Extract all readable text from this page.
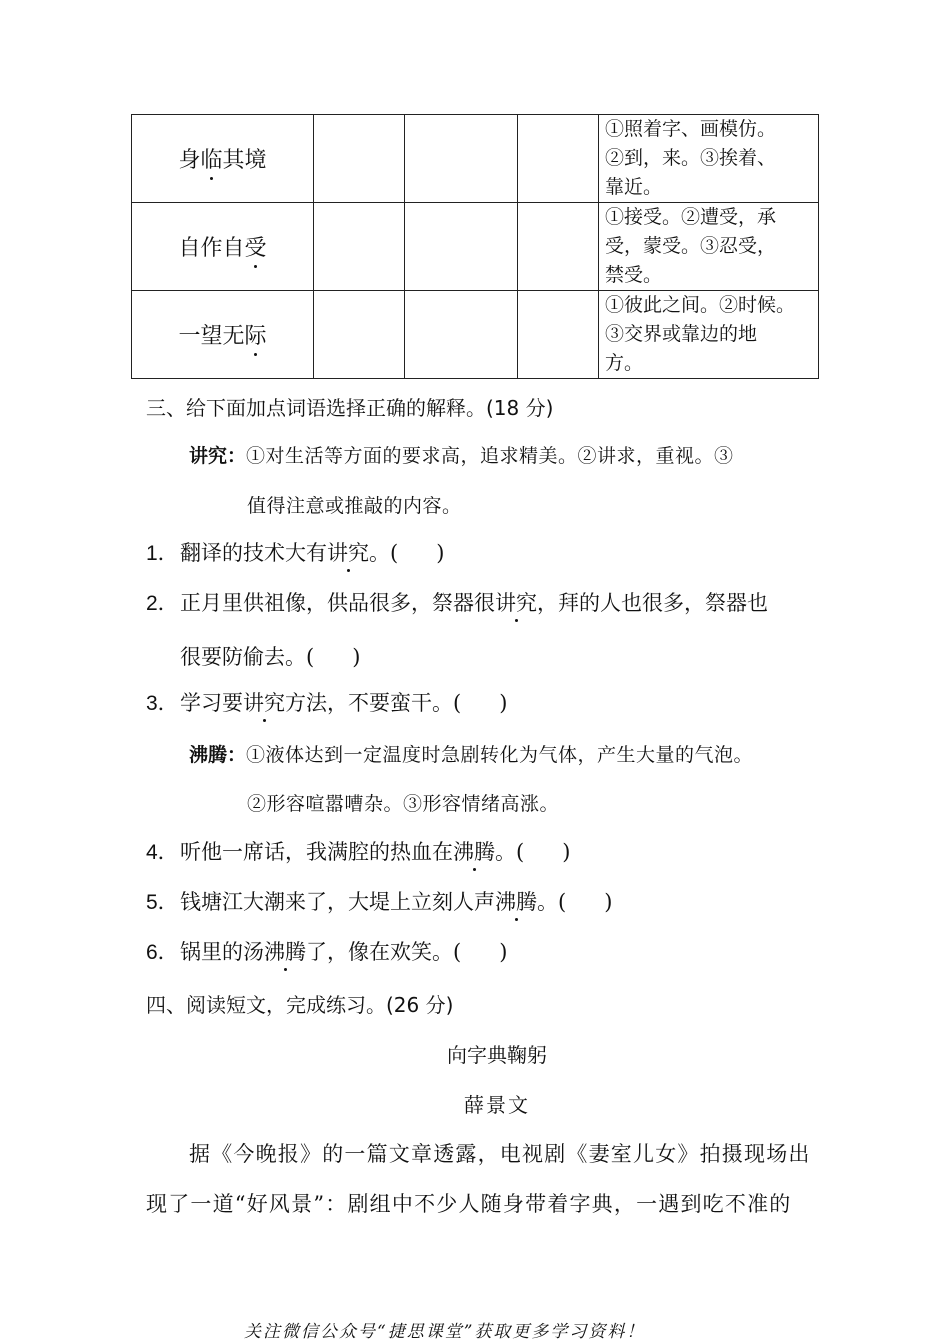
身临其境				①照着字、画模仿。
②到，来。③挨着、
靠近。

自作自受				①接受。②遭受，承
受，蒙受。③忍受，
禁受。

一望无际				①彼此之间。②时候。
③交界或靠边的地
方。
三、给下面加点词语选择正确的解释。(18 分)
讲究：①对生活等方面的要求高，追求精美。②讲求，重视。③
值得注意或推敲的内容。
1．翻译的技术大有讲究。( )
2．正月里供祖像，供品很多，祭器很讲究，拜的人也很多，祭器也
很要防偷去。( )
3．学习要讲究方法，不要蛮干。( )
沸腾：①液体达到一定温度时急剧转化为气体，产生大量的气泡。
②形容喧嚣嘈杂。③形容情绪高涨。
4．听他一席话，我满腔的热血在沸腾。( )
5．钱塘江大潮来了，大堤上立刻人声沸腾。( )
6．锅里的汤沸腾了，像在欢笑。( )
四、阅读短文，完成练习。(26 分)
向字典鞠躬
薛景文
据《今晚报》的一篇文章透露，电视剧《妻室儿女》拍摄现场出
现了一道“好风景”：剧组中不少人随身带着字典，一遇到吃不准的
关注微信公众号“捷思课堂”获取更多学习资料！
